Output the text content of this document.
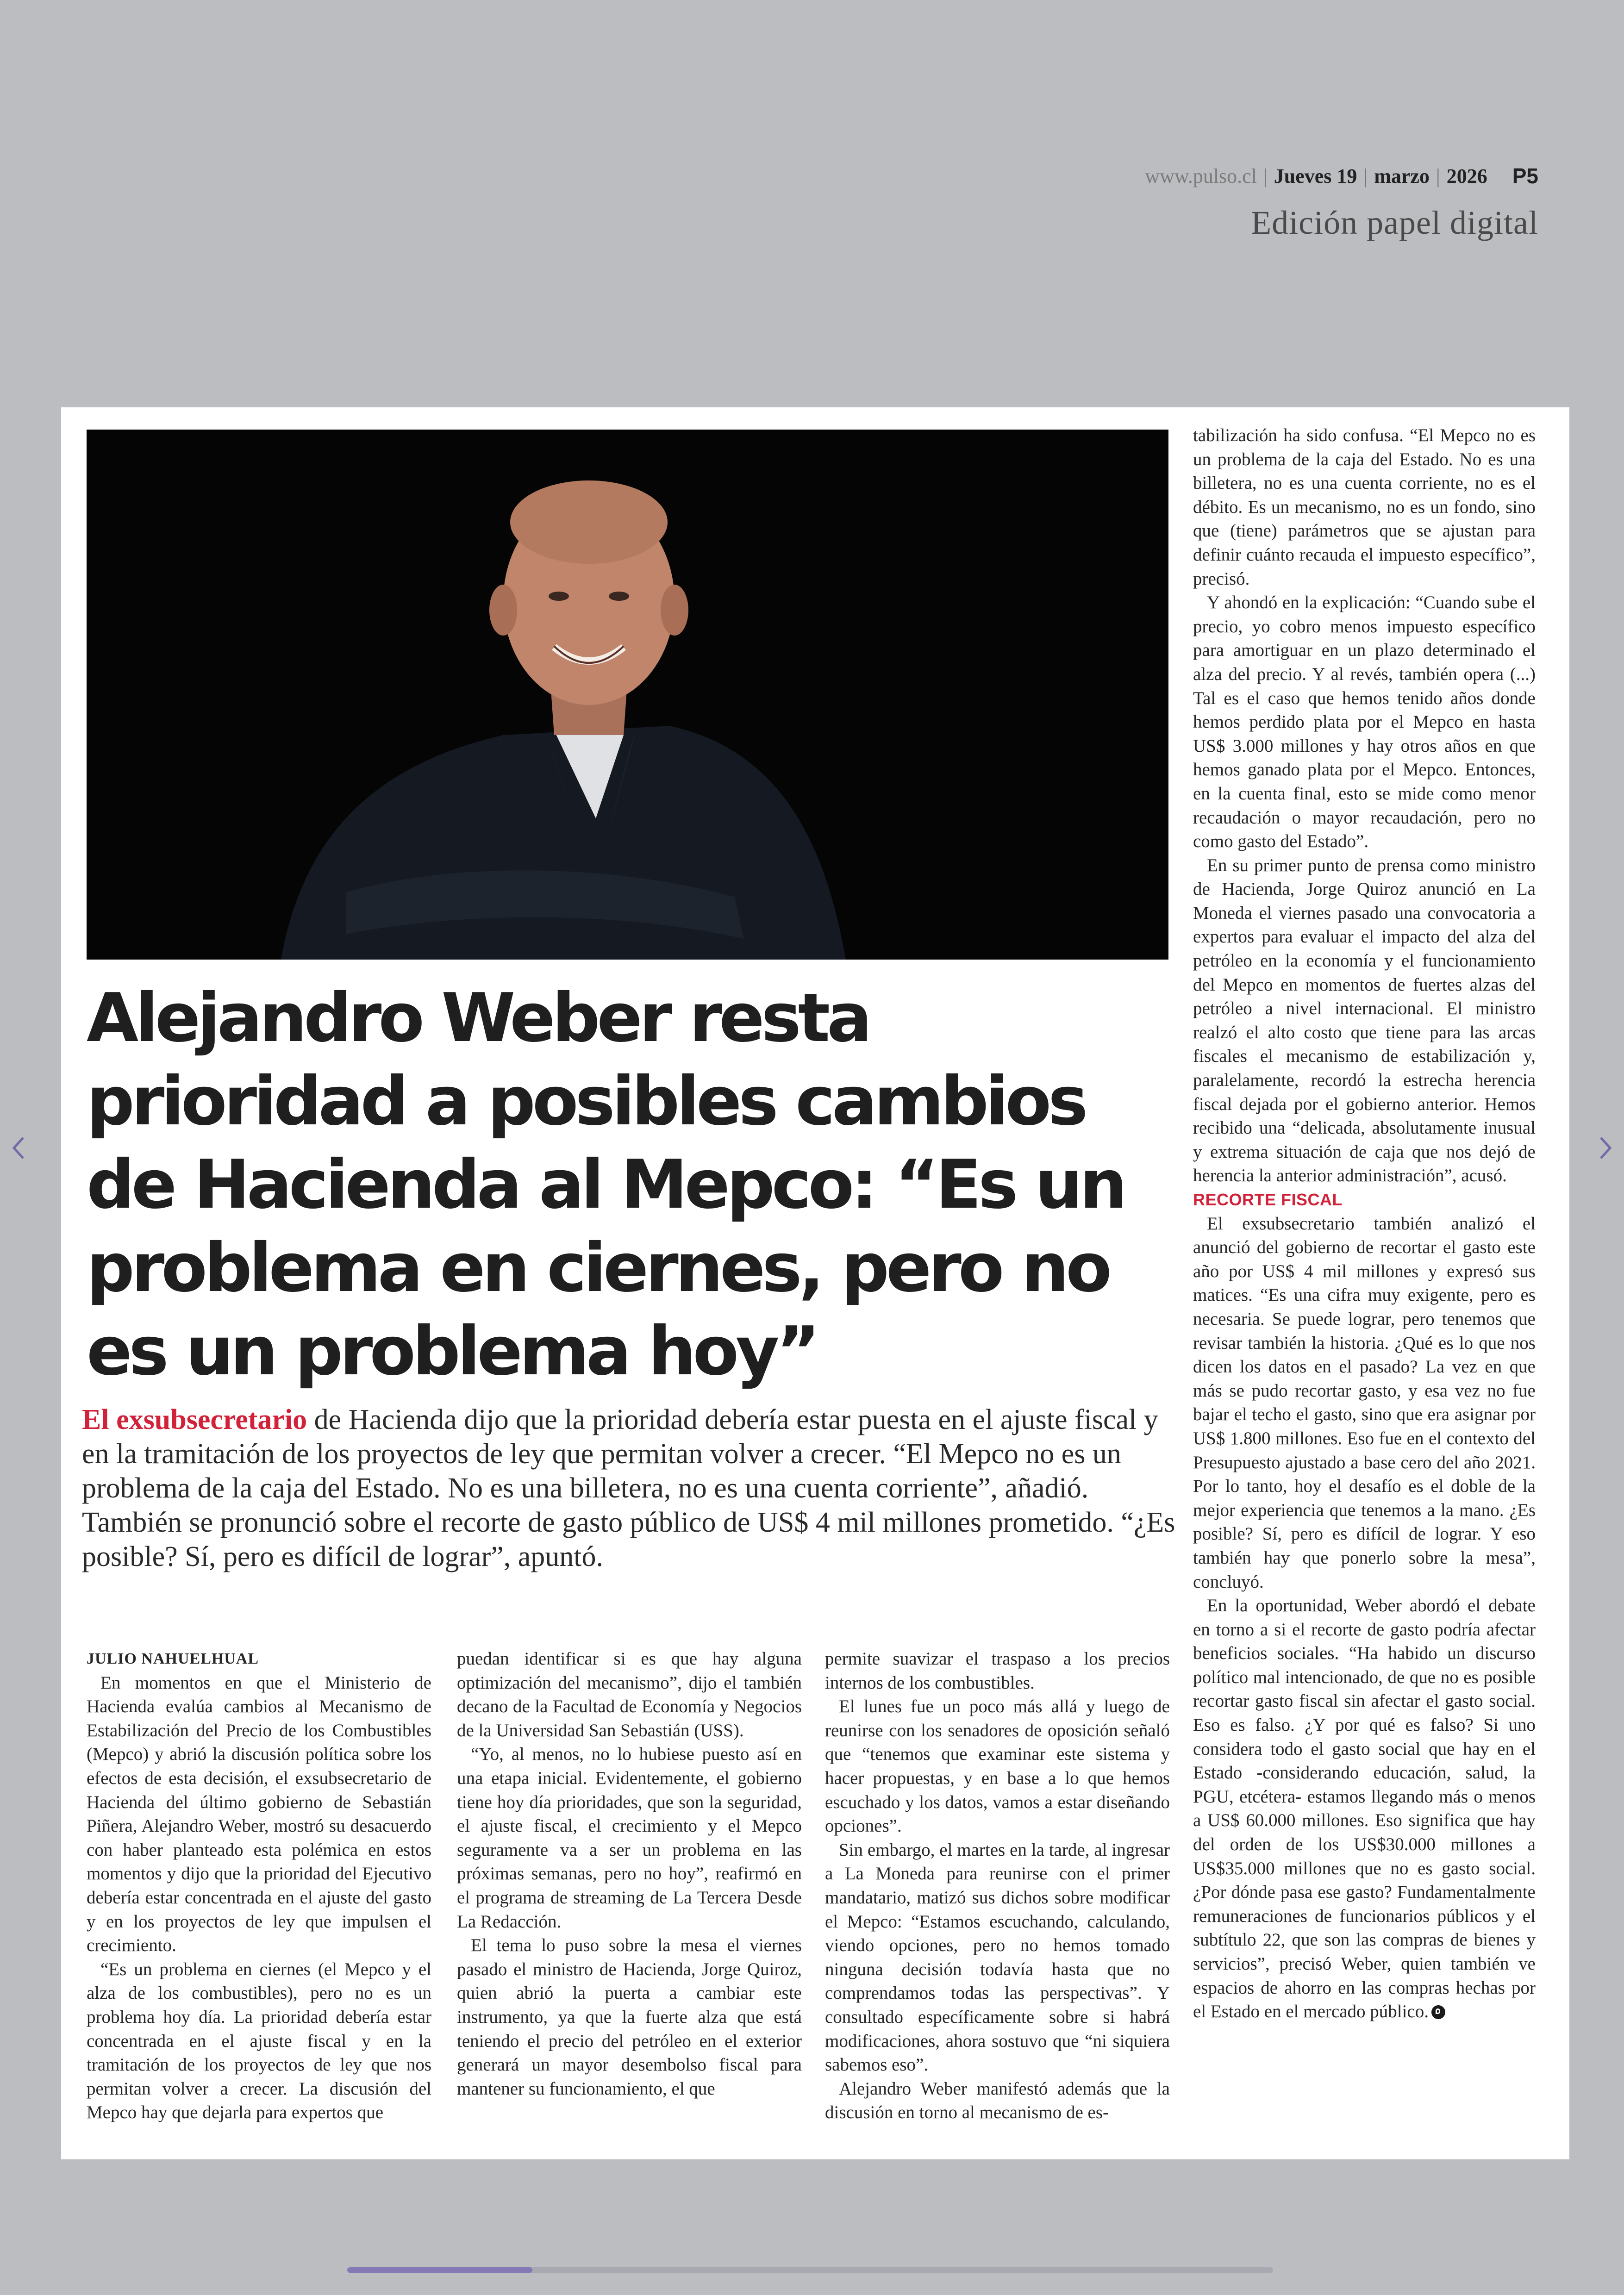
www.pulso.cl | Jueves 19 | marzo | 2026 P5
Edición papel digital
Alejandro Weber resta prioridad a posibles cambios de Hacienda al Mepco: “Es un problema en ciernes, pero no es un problema hoy”

El exsubsecretario de Hacienda dijo que la prioridad debería estar puesta en el ajuste fiscal y en la tramitación de los proyectos de ley que permitan volver a crecer. “El Mepco no es un problema de la caja del Estado. No es una billetera, no es una cuenta corriente”, añadió. También se pronunció sobre el recorte de gasto público de US$ 4 mil millones prometido. “¿Es posible? Sí, pero es difícil de lograr”, apuntó.

JULIO NAHUELHUAL

En momentos en que el Ministerio de Hacienda evalúa cambios al Mecanismo de Estabilización del Precio de los Combustibles (Mepco) y abrió la discusión política sobre los efectos de esta decisión, el exsubsecretario de Hacienda del último gobierno de Sebastián Piñera, Alejandro Weber, mostró su desacuerdo con haber planteado esta polémica en estos momentos y dijo que la prioridad del Ejecutivo debería estar concentrada en el ajuste del gasto y en los proyectos de ley que impulsen el crecimiento.

“Es un problema en ciernes (el Mepco y el alza de los combustibles), pero no es un problema hoy día. La prioridad debería estar concentrada en el ajuste fiscal y en la tramitación de los proyectos de ley que nos permitan volver a crecer. La discusión del Mepco hay que dejarla para expertos que

puedan identificar si es que hay alguna optimización del mecanismo”, dijo el también decano de la Facultad de Economía y Negocios de la Universidad San Sebastián (USS).

“Yo, al menos, no lo hubiese puesto así en una etapa inicial. Evidentemente, el gobierno tiene hoy día prioridades, que son la seguridad, el ajuste fiscal, el crecimiento y el Mepco seguramente va a ser un problema en las próximas semanas, pero no hoy”, reafirmó en el programa de streaming de La Tercera Desde La Redacción.

El tema lo puso sobre la mesa el viernes pasado el ministro de Hacienda, Jorge Quiroz, quien abrió la puerta a cambiar este instrumento, ya que la fuerte alza que está teniendo el precio del petróleo en el exterior generará un mayor desembolso fiscal para mantener su funcionamiento, el que

permite suavizar el traspaso a los precios internos de los combustibles.

El lunes fue un poco más allá y luego de reunirse con los senadores de oposición señaló que “tenemos que examinar este sistema y hacer propuestas, y en base a lo que hemos escuchado y los datos, vamos a estar diseñando opciones”.

Sin embargo, el martes en la tarde, al ingresar a La Moneda para reunirse con el primer mandatario, matizó sus dichos sobre modificar el Mepco: “Estamos escuchando, calculando, viendo opciones, pero no hemos tomado ninguna decisión todavía hasta que no comprendamos todas las perspectivas”. Y consultado específicamente sobre si habrá modificaciones, ahora sostuvo que “ni siquiera sabemos eso”.

Alejandro Weber manifestó además que la discusión en torno al mecanismo de es-

tabilización ha sido confusa. “El Mepco no es un problema de la caja del Estado. No es una billetera, no es una cuenta corriente, no es el débito. Es un mecanismo, no es un fondo, sino que (tiene) parámetros que se ajustan para definir cuánto recauda el impuesto específico”, precisó.

Y ahondó en la explicación: “Cuando sube el precio, yo cobro menos impuesto específico para amortiguar en un plazo determinado el alza del precio. Y al revés, también opera (...) Tal es el caso que hemos tenido años donde hemos perdido plata por el Mepco en hasta US$ 3.000 millones y hay otros años en que hemos ganado plata por el Mepco. Entonces, en la cuenta final, esto se mide como menor recaudación o mayor recaudación, pero no como gasto del Estado”.

En su primer punto de prensa como ministro de Hacienda, Jorge Quiroz anunció en La Moneda el viernes pasado una convocatoria a expertos para evaluar el impacto del alza del petróleo en la economía y el funcionamiento del Mepco en momentos de fuertes alzas del petróleo a nivel internacional. El ministro realzó el alto costo que tiene para las arcas fiscales el mecanismo de estabilización y, paralelamente, recordó la estrecha herencia fiscal dejada por el gobierno anterior. Hemos recibido una “delicada, absolutamente inusual y extrema situación de caja que nos dejó de herencia la anterior administración”, acusó.

RECORTE FISCAL

El exsubsecretario también analizó el anunció del gobierno de recortar el gasto este año por US$ 4 mil millones y expresó sus matices. “Es una cifra muy exigente, pero es necesaria. Se puede lograr, pero tenemos que revisar también la historia. ¿Qué es lo que nos dicen los datos en el pasado? La vez en que más se pudo recortar gasto, y esa vez no fue bajar el techo el gasto, sino que era asignar por US$ 1.800 millones. Eso fue en el contexto del Presupuesto ajustado a base cero del año 2021. Por lo tanto, hoy el desafío es el doble de la mejor experiencia que tenemos a la mano. ¿Es posible? Sí, pero es difícil de lograr. Y eso también hay que ponerlo sobre la mesa”, concluyó.

En la oportunidad, Weber abordó el debate en torno a si el recorte de gasto podría afectar beneficios sociales. “Ha habido un discurso político mal intencionado, de que no es posible recortar gasto fiscal sin afectar el gasto social. Eso es falso. ¿Y por qué es falso? Si uno considera todo el gasto social que hay en el Estado -considerando educación, salud, la PGU, etcétera- estamos llegando más o menos a US$ 60.000 millones. Eso significa que hay del orden de los US$30.000 millones a US$35.000 millones que no es gasto social. ¿Por dónde pasa ese gasto? Fundamentalmente remuneraciones de funcionarios públicos y el subtítulo 22, que son las compras de bienes y servicios”, precisó Weber, quien también ve espacios de ahorro en las compras hechas por el Estado en el mercado público.
